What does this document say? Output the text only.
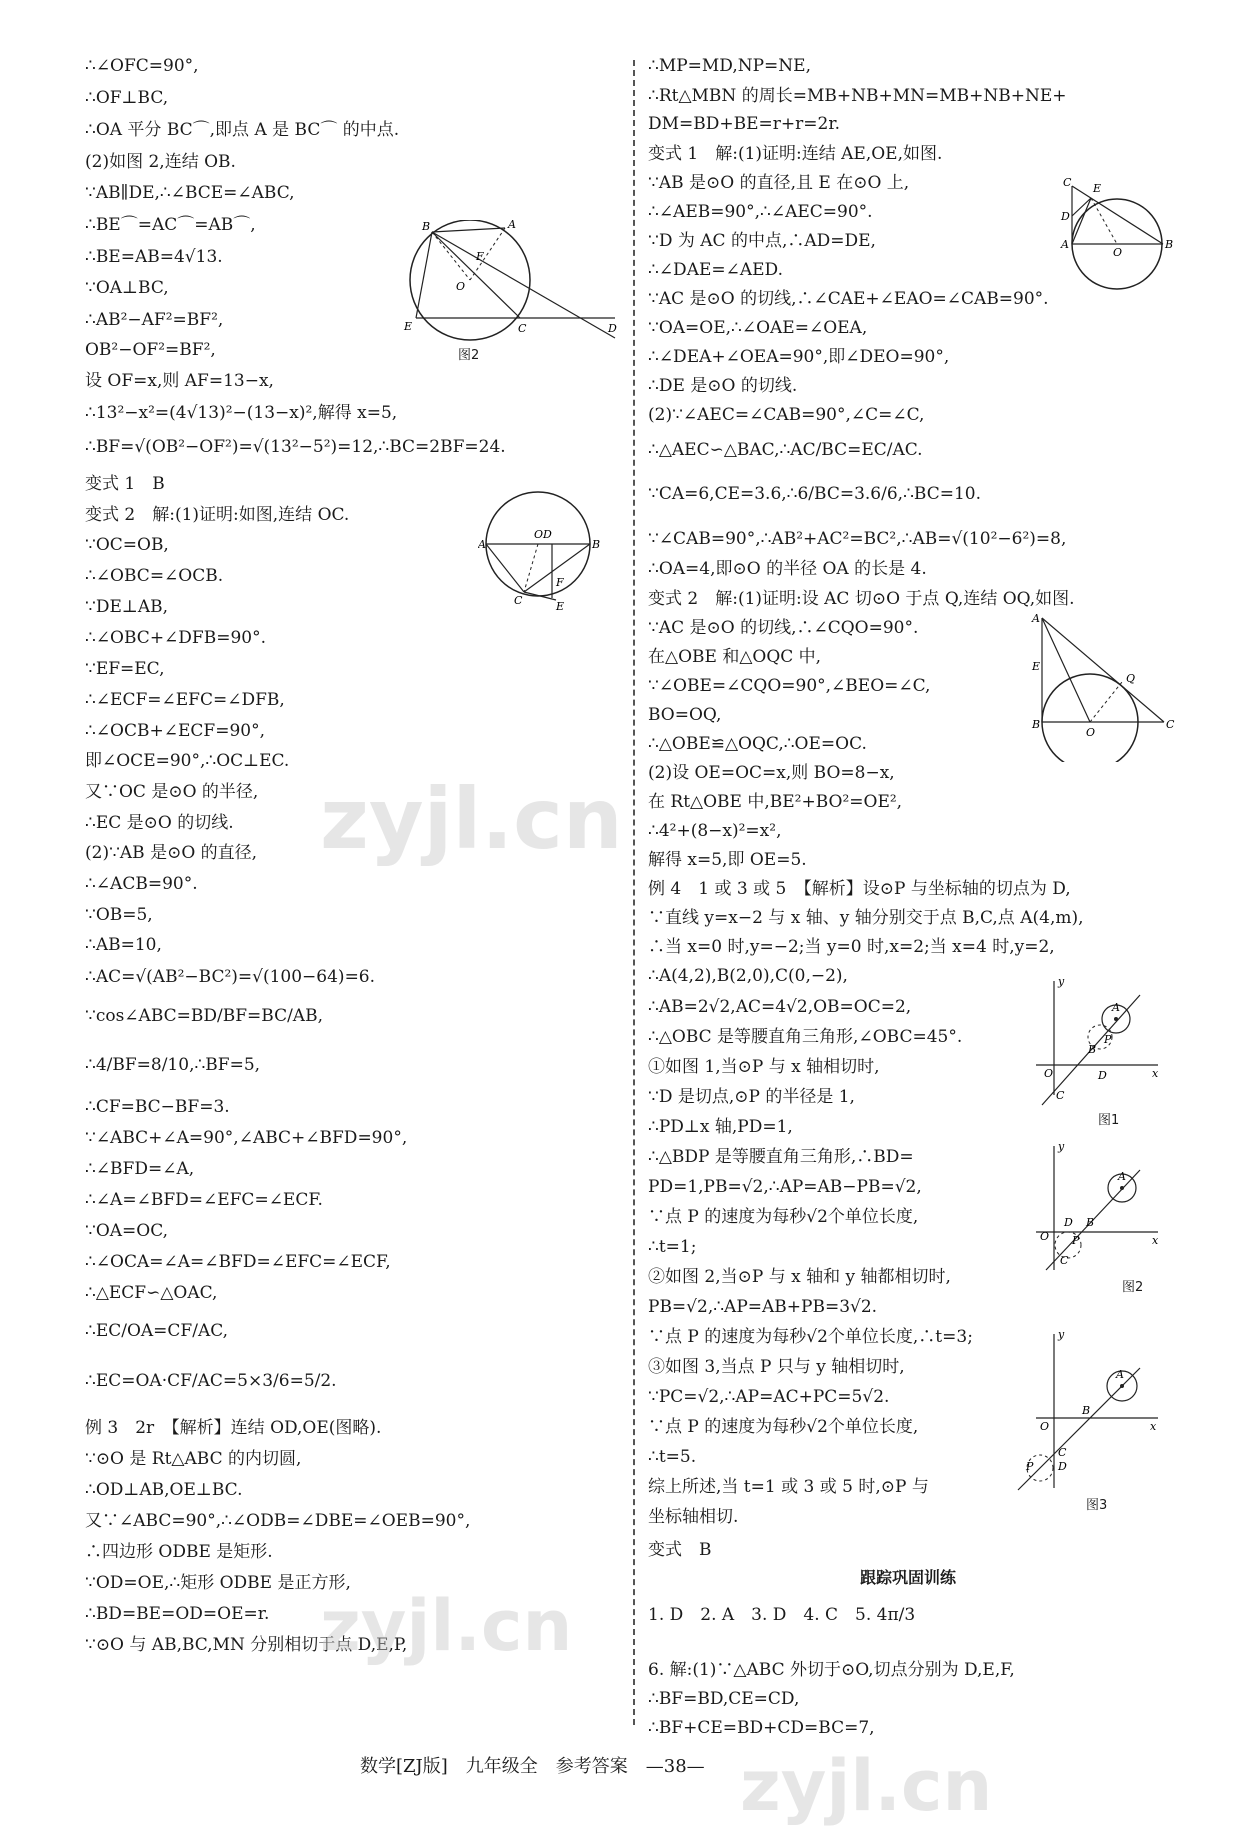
∴∠OFC=90°,
∴OF⊥BC,
∴OA 平分 BC⌒,即点 A 是 BC⌒ 的中点.
(2)如图 2,连结 OB.
∵AB∥DE,∴∠BCE=∠ABC,
∴BE⌒=AC⌒=AB⌒,
∴BE=AB=4√13.
∵OA⊥BC,
∴AB²−AF²=BF²,
OB²−OF²=BF²,
设 OF=x,则 AF=13−x,
∴13²−x²=(4√13)²−(13−x)²,解得 x=5,
∴BF=√(OB²−OF²)=√(13²−5²)=12,∴BC=2BF=24.
变式 1　B
变式 2　解:(1)证明:如图,连结 OC.
∵OC=OB,
∴∠OBC=∠OCB.
∵DE⊥AB,
∴∠OBC+∠DFB=90°.
∵EF=EC,
∴∠ECF=∠EFC=∠DFB,
∴∠OCB+∠ECF=90°,
即∠OCE=90°,∴OC⊥EC.
又∵OC 是⊙O 的半径,
∴EC 是⊙O 的切线.
(2)∵AB 是⊙O 的直径,
∴∠ACB=90°.
∵OB=5,
∴AB=10,
∴AC=√(AB²−BC²)=√(100−64)=6.
∵cos∠ABC=BD/BF=BC/AB,
∴4/BF=8/10,∴BF=5,
∴CF=BC−BF=3.
∵∠ABC+∠A=90°,∠ABC+∠BFD=90°,
∴∠BFD=∠A,
∴∠A=∠BFD=∠EFC=∠ECF.
∵OA=OC,
∴∠OCA=∠A=∠BFD=∠EFC=∠ECF,
∴△ECF∽△OAC,
∴EC/OA=CF/AC,
∴EC=OA·CF/AC=5×3/6=5/2.
例 3　2r　【解析】连结 OD,OE(图略).
∵⊙O 是 Rt△ABC 的内切圆,
∴OD⊥AB,OE⊥BC.
又∵∠ABC=90°,∴∠ODB=∠DBE=∠OEB=90°,
∴四边形 ODBE 是矩形.
∵OD=OE,∴矩形 ODBE 是正方形,
∴BD=BE=OD=OE=r.
∵⊙O 与 AB,BC,MN 分别相切于点 D,E,P,
∴MP=MD,NP=NE,
∴Rt△MBN 的周长=MB+NB+MN=MB+NB+NE+
DM=BD+BE=r+r=2r.
变式 1　解:(1)证明:连结 AE,OE,如图.
∵AB 是⊙O 的直径,且 E 在⊙O 上,
∴∠AEB=90°,∴∠AEC=90°.
∵D 为 AC 的中点,∴AD=DE,
∴∠DAE=∠AED.
∵AC 是⊙O 的切线,∴∠CAE+∠EAO=∠CAB=90°.
∵OA=OE,∴∠OAE=∠OEA,
∴∠DEA+∠OEA=90°,即∠DEO=90°,
∴DE 是⊙O 的切线.
(2)∵∠AEC=∠CAB=90°,∠C=∠C,
∴△AEC∽△BAC,∴AC/BC=EC/AC.
∵CA=6,CE=3.6,∴6/BC=3.6/6,∴BC=10.
∵∠CAB=90°,∴AB²+AC²=BC²,∴AB=√(10²−6²)=8,
∴OA=4,即⊙O 的半径 OA 的长是 4.
变式 2　解:(1)证明:设 AC 切⊙O 于点 Q,连结 OQ,如图.
∵AC 是⊙O 的切线,∴∠CQO=90°.
在△OBE 和△OQC 中,
∵∠OBE=∠CQO=90°,∠BEO=∠C,
BO=OQ,
∴△OBE≌△OQC,∴OE=OC.
(2)设 OE=OC=x,则 BO=8−x,
在 Rt△OBE 中,BE²+BO²=OE²,
∴4²+(8−x)²=x²,
解得 x=5,即 OE=5.
例 4　1 或 3 或 5　【解析】设⊙P 与坐标轴的切点为 D,
∵直线 y=x−2 与 x 轴、y 轴分别交于点 B,C,点 A(4,m),
∴当 x=0 时,y=−2;当 y=0 时,x=2;当 x=4 时,y=2,
∴A(4,2),B(2,0),C(0,−2),
∴AB=2√2,AC=4√2,OB=OC=2,
∴△OBC 是等腰直角三角形,∠OBC=45°.
①如图 1,当⊙P 与 x 轴相切时,
∵D 是切点,⊙P 的半径是 1,
∴PD⊥x 轴,PD=1,
∴△BDP 是等腰直角三角形,∴BD=
PD=1,PB=√2,∴AP=AB−PB=√2,
∵点 P 的速度为每秒√2个单位长度,
∴t=1;
②如图 2,当⊙P 与 x 轴和 y 轴都相切时,
PB=√2,∴AP=AB+PB=3√2.
∵点 P 的速度为每秒√2个单位长度,∴t=3;
③如图 3,当点 P 只与 y 轴相切时,
∵PC=√2,∴AP=AC+PC=5√2.
∵点 P 的速度为每秒√2个单位长度,
∴t=5.
综上所述,当 t=1 或 3 或 5 时,⊙P 与
坐标轴相切.
变式　B
1. D　2. A　3. D　4. C　5. 4π/3
6. 解:(1)∵△ABC 外切于⊙O,切点分别为 D,E,F,
∴BF=BD,CE=CD,
∴BF+CE=BD+CD=BC=7,
B	A
F
O
E	C	D
图2
A	B
OD
F
C	E
C E
D
A
O
B
A
E
B
O
Q
C
y
x
O
A
B
D
P
C
图1
y
x
O
A
B
D
P
C
图2
y
x
O
A
B
C
D
P
图3
跟踪巩固训练
zyjl.cn
zyjl.cn
zyjl.cn
数学[ZJ版]　九年级全　参考答案　—38—
